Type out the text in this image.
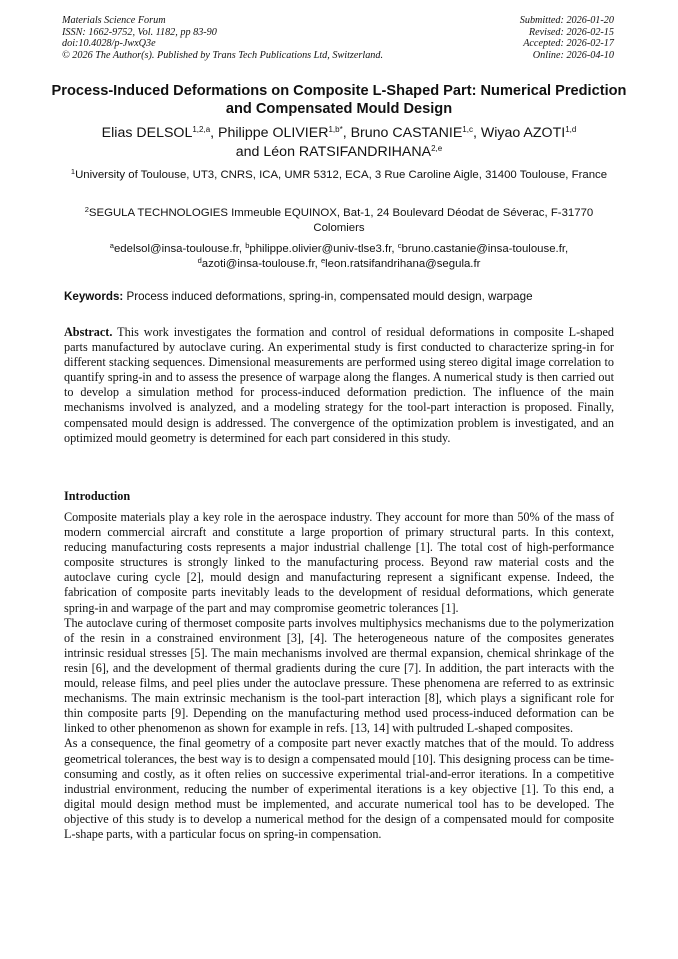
Materials Science Forum
ISSN: 1662-9752, Vol. 1182, pp 83-90
doi:10.4028/p-JwxQ3e
© 2026 The Author(s). Published by Trans Tech Publications Ltd, Switzerland.
Submitted: 2026-01-20
Revised: 2026-02-15
Accepted: 2026-02-17
Online: 2026-04-10
Process-Induced Deformations on Composite L-Shaped Part: Numerical Prediction and Compensated Mould Design
Elias DELSOL$^{1,2,a}$, Philippe $OLIVIER^{1,b*}$, Bruno CASTANIE$^{1,c}$, Wiyao AZOTI$^{1,d}$
and Léon RATSIFANDRIHANA$^{2,e}$
$^1$University of Toulouse, UT3, CNRS, ICA, UMR 5312, ECA, 3 Rue Caroline Aigle, 31400 Toulouse, France
$^2$SEGULA TECHNOLOGIES Immeuble EQUINOX, Bat-1, 24 Boulevard Déodat de Séverac, F-31770 Colomiers
$^a$edelsol@insa-toulouse.fr, $^b$philippe.olivier@univ-tlse3.fr, $^c$bruno.castanie@insa-toulouse.fr,
$^d$azoti@insa-toulouse.fr, $^e$leon.ratsifandrihana@segula.fr
Keywords: Process induced deformations, spring-in, compensated mould design, warpage
Abstract. This work investigates the formation and control of residual deformations in composite L-shaped parts manufactured by autoclave curing. An experimental study is first conducted to characterize spring-in for different stacking sequences. Dimensional measurements are performed using stereo digital image correlation to quantify spring-in and to assess the presence of warpage along the flanges. A numerical study is then carried out to develop a simulation method for process-induced deformation prediction. The influence of the main mechanisms involved is analyzed, and a modeling strategy for the tool-part interaction is proposed. Finally, compensated mould design is addressed. The convergence of the optimization problem is investigated, and an optimized mould geometry is determined for each part considered in this study.
Introduction

Composite materials play a key role in the aerospace industry. They account for more than 50% of the mass of modern commercial aircraft and constitute a large proportion of primary structural parts. In this context, reducing manufacturing costs represents a major industrial challenge [1]. The total cost of high-performance composite structures is strongly linked to the manufacturing process. Beyond raw material costs and the autoclave curing cycle [2], mould design and manufacturing represent a significant expense. Indeed, the fabrication of composite parts inevitably leads to the development of residual deformations, which generate spring-in and warpage of the part and may compromise geometric tolerances [1].

The autoclave curing of thermoset composite parts involves multiphysics mechanisms due to the polymerization of the resin in a constrained environment [3], [4]. The heterogeneous nature of the composites generates intrinsic residual stresses [5]. The main mechanisms involved are thermal expansion, chemical shrinkage of the resin [6], and the development of thermal gradients during the cure [7]. In addition, the part interacts with the mould, release films, and peel plies under the autoclave pressure. These phenomena are referred to as extrinsic mechanisms. The main extrinsic mechanism is the tool-part interaction [8], which plays a significant role for thin composite parts [9]. Depending on the manufacturing method used process-induced deformation can be linked to other phenomenon as shown for example in refs. [13, 14] with pultruded L-shaped composites.

As a consequence, the final geometry of a composite part never exactly matches that of the mould. To address geometrical tolerances, the best way is to design a compensated mould [10]. This designing process can be time-consuming and costly, as it often relies on successive experimental trial-and-error iterations. In a competitive industrial environment, reducing the number of experimental iterations is a key objective [1]. To this end, a digital mould design method must be implemented, and accurate numerical tool has to be developed. The objective of this study is to develop a numerical method for the design of a compensated mould for composite L-shape parts, with a particular focus on spring-in compensation.
